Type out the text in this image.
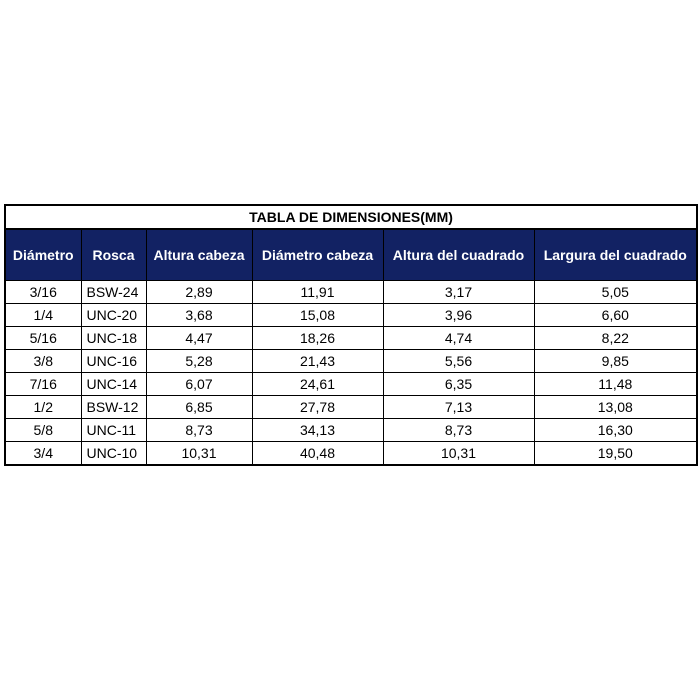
TABLA DE DIMENSIONES(MM)					
Diámetro	Rosca	Altura cabeza	Diámetro cabeza	Altura del cuadrado	Largura del cuadrado
3/16	BSW-24	2,89	11,91	3,17	5,05
1/4	UNC-20	3,68	15,08	3,96	6,60
5/16	UNC-18	4,47	18,26	4,74	8,22
3/8	UNC-16	5,28	21,43	5,56	9,85
7/16	UNC-14	6,07	24,61	6,35	11,48
1/2	BSW-12	6,85	27,78	7,13	13,08
5/8	UNC-11	8,73	34,13	8,73	16,30
3/4	UNC-10	10,31	40,48	10,31	19,50
